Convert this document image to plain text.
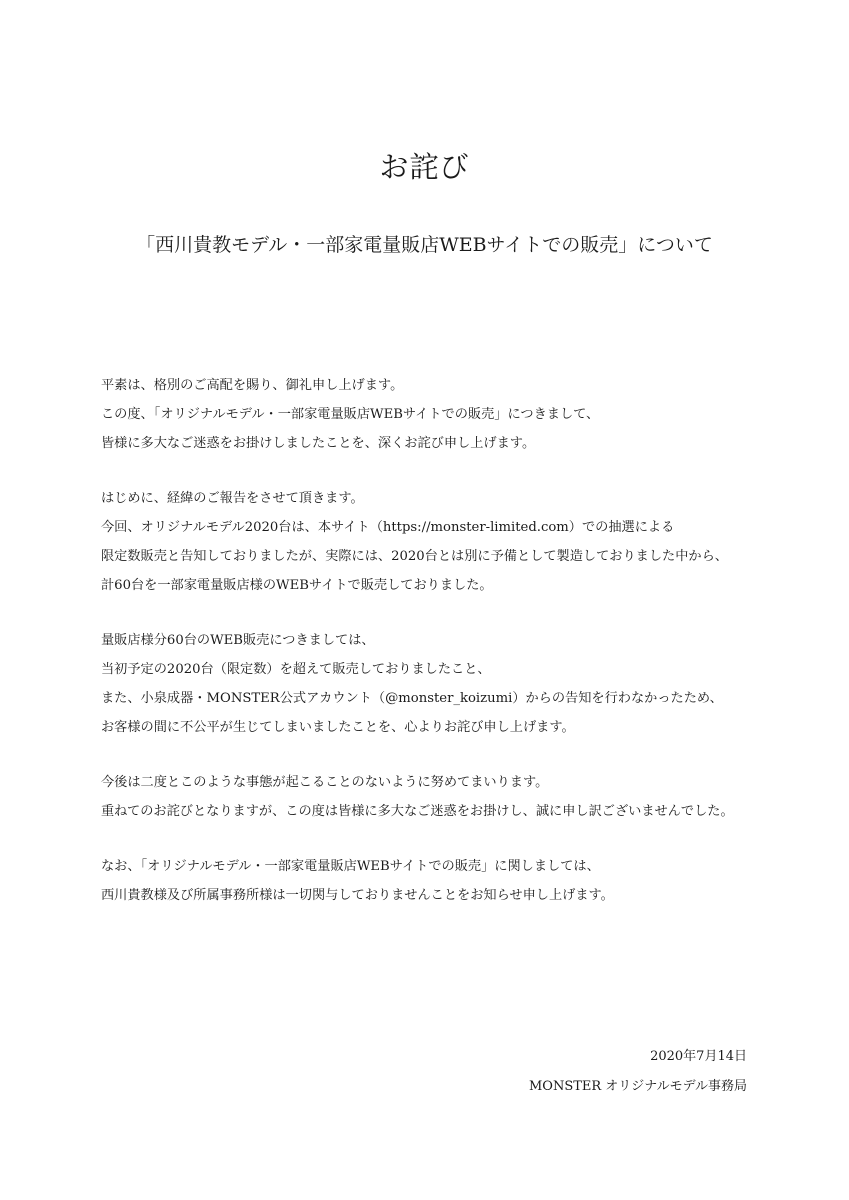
お詫び
「西川貴教モデル・一部家電量販店WEBサイトでの販売」について

平素は、格別のご高配を賜り、御礼申し上げます。

この度、「オリジナルモデル・一部家電量販店WEBサイトでの販売」につきまして、

皆様に多大なご迷惑をお掛けしましたことを、深くお詫び申し上げます。

はじめに、経緯のご報告をさせて頂きます。

今回、オリジナルモデル2020台は、本サイト（https://monster-limited.com）での抽選による

限定数販売と告知しておりましたが、実際には、2020台とは別に予備として製造しておりました中から、

計60台を一部家電量販店様のWEBサイトで販売しておりました。

量販店様分60台のWEB販売につきましては、

当初予定の2020台（限定数）を超えて販売しておりましたこと、

また、小泉成器・MONSTER公式アカウント（@monster_koizumi）からの告知を行わなかったため、

お客様の間に不公平が生じてしまいましたことを、心よりお詫び申し上げます。

今後は二度とこのような事態が起こることのないように努めてまいります。

重ねてのお詫びとなりますが、この度は皆様に多大なご迷惑をお掛けし、誠に申し訳ございませんでした。

なお、「オリジナルモデル・一部家電量販店WEBサイトでの販売」に関しましては、

西川貴教様及び所属事務所様は一切関与しておりませんことをお知らせ申し上げます。

2020年7月14日

MONSTER オリジナルモデル事務局
